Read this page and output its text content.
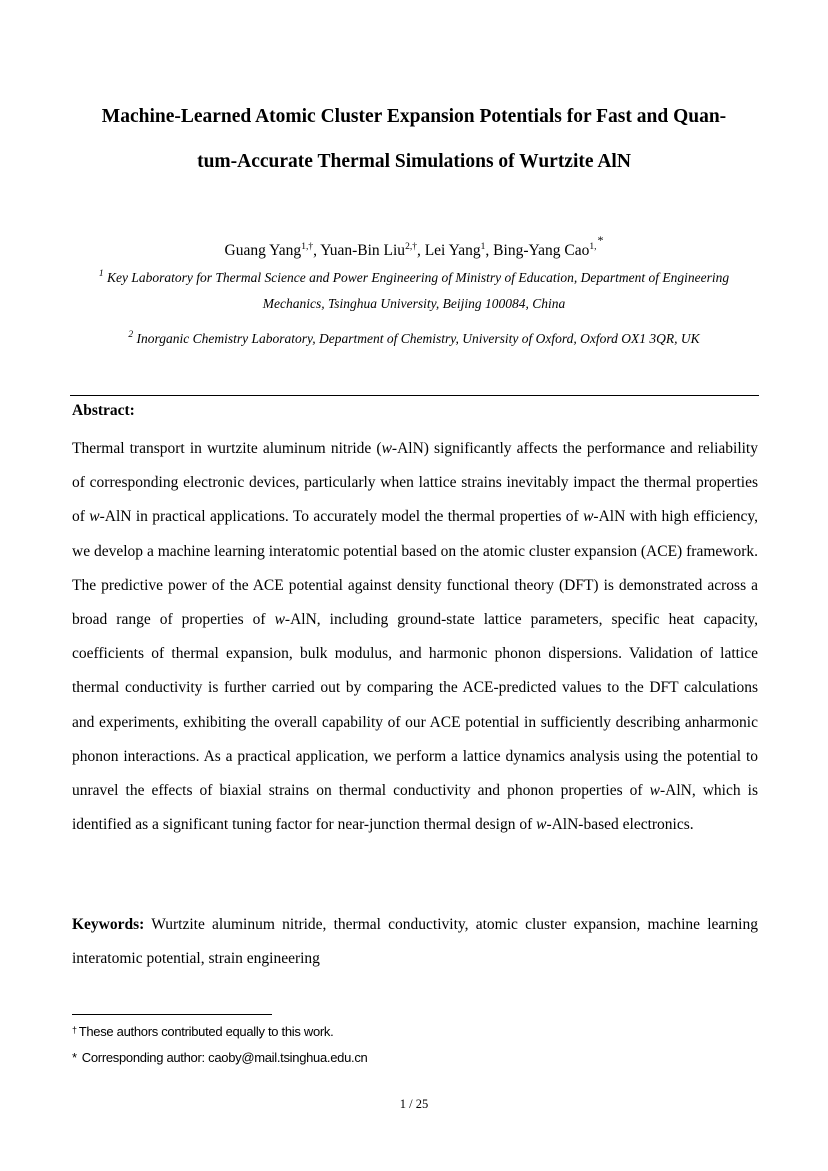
Machine-Learned Atomic Cluster Expansion Potentials for Fast and Quan-
tum-Accurate Thermal Simulations of Wurtzite AlN
Guang Yang$^{1,\dagger}$, Yuan-Bin Liu$^{2,\dagger}$, Lei Yang$^1$, Bing-Yang Cao$^{1,*}$
$^1$ Key Laboratory for Thermal Science and Power Engineering of Ministry of Education, Department of Engineering
Mechanics, Tsinghua University, Beijing 100084, China
$^2$ Inorganic Chemistry Laboratory, Department of Chemistry, University of Oxford, Oxford OX1 3QR, UK
Abstract:
Thermal transport in wurtzite aluminum nitride (w-AlN) significantly affects the performance and reliability of corresponding electronic devices, particularly when lattice strains inevitably impact the thermal properties of w-AlN in practical applications. To accurately model the thermal properties of w-AlN with high efficiency, we develop a machine learning interatomic potential based on the atomic cluster expansion (ACE) framework. The predictive power of the ACE potential against density functional theory (DFT) is demonstrated across a broad range of properties of w-AlN, including ground-state lattice parameters, specific heat capacity, coefficients of thermal expansion, bulk modulus, and harmonic phonon dispersions. Validation of lattice thermal conductivity is further carried out by comparing the ACE-predicted values to the DFT calculations and experiments, exhibiting the overall capability of our ACE potential in sufficiently describing anharmonic phonon interactions. As a practical application, we perform a lattice dynamics analysis using the potential to unravel the effects of biaxial strains on thermal conductivity and phonon properties of w-AlN, which is identified as a significant tuning factor for near-junction thermal design of w-AlN-based electronics.
Keywords: Wurtzite aluminum nitride, thermal conductivity, atomic cluster expansion, machine learning interatomic potential, strain engineering
† These authors contributed equally to this work.
* Corresponding author: caoby@mail.tsinghua.edu.cn
1 / 25
